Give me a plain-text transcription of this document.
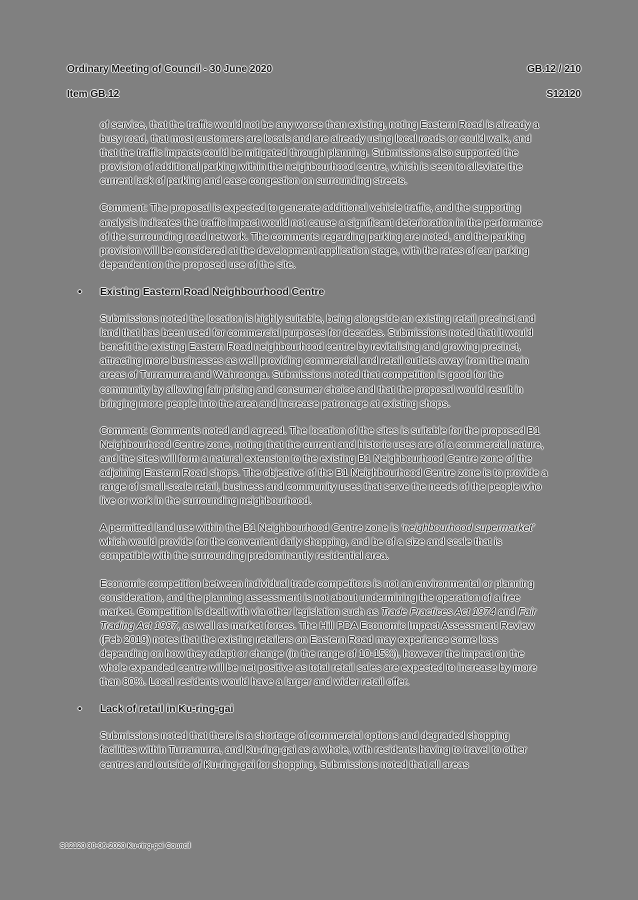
Ordinary Meeting of Council - 30 June 2020	GB.12 / 210
Item GB.12	S12120

of service, that the traffic would not be any worse than existing, noting Eastern Road is already a busy road, that most customers are locals and are already using local roads or could walk, and that the traffic impacts could be mitigated through planning. Submissions also supported the provision of additional parking within the neighbourhood centre, which is seen to alleviate the current lack of parking and ease congestion on surrounding streets.

Comment: The proposal is expected to generate additional vehicle traffic, and the supporting analysis indicates the traffic impact would not cause a significant deterioration in the performance of the surrounding road network. The comments regarding parking are noted, and the parking provision will be considered at the development application stage, with the rates of car parking dependent on the proposed use of the site.

• Existing Eastern Road Neighbourhood Centre

Submissions noted the location is highly suitable, being alongside an existing retail precinct and land that has been used for commercial purposes for decades. Submissions noted that it would benefit the existing Eastern Road neighbourhood centre by revitalising and growing precinct, attracting more businesses as well providing commercial and retail outlets away from the main areas of Turramurra and Wahroonga. Submissions noted that competition is good for the community by allowing fair pricing and consumer choice and that the proposal would result in bringing more people into the area and increase patronage at existing shops.

Comment: Comments noted and agreed. The location of the sites is suitable for the proposed B1 Neighbourhood Centre zone, noting that the current and historic uses are of a commercial nature, and the sites will form a natural extension to the existing B1 Neighbourhood Centre zone of the adjoining Eastern Road shops. The objective of the B1 Neighbourhood Centre zone is to provide a range of small-scale retail, business and community uses that serve the needs of the people who live or work in the surrounding neighbourhood.

A permitted land use within the B1 Neighbourhood Centre zone is ‘neighbourhood supermarket’ which would provide for the convenient daily shopping, and be of a size and scale that is compatible with the surrounding predominantly residential area.

Economic competition between individual trade competitors is not an environmental or planning consideration, and the planning assessment is not about undermining the operation of a free market. Competition is dealt with via other legislation such as Trade Practices Act 1974 and Fair Trading Act 1987, as well as market forces. The Hill PDA Economic Impact Assessment Review (Feb 2019) notes that the existing retailers on Eastern Road may experience some loss depending on how they adapt or change (in the range of 10-15%), however the impact on the whole expanded centre will be net positive as total retail sales are expected to increase by more than 80%. Local residents would have a larger and wider retail offer.

• Lack of retail in Ku-ring-gai

Submissions noted that there is a shortage of commercial options and degraded shopping facilities within Turramurra, and Ku-ring-gai as a whole, with residents having to travel to other centres and outside of Ku-ring-gai for shopping. Submissions noted that all areas

S12120 30-06-2020 Ku-ring-gai Council
